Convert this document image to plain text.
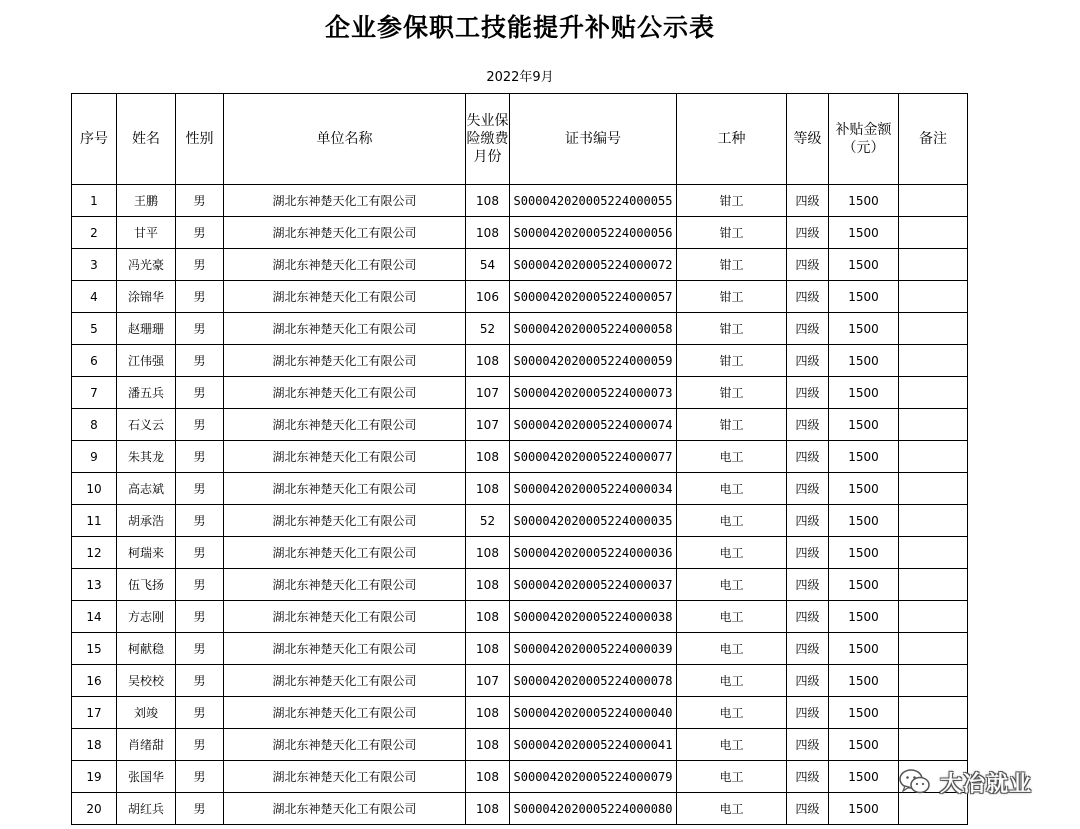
企业参保职工技能提升补贴公示表
2022年9月
序号	姓名	性别	单位名称	失业保险缴费月份	证书编号	工种	等级	补贴金额（元）	备注
1	王鹏	男	湖北东神楚天化工有限公司	108	S000042020005224000055	钳工	四级	1500	
2	甘平	男	湖北东神楚天化工有限公司	108	S000042020005224000056	钳工	四级	1500	
3	冯光豪	男	湖北东神楚天化工有限公司	54	S000042020005224000072	钳工	四级	1500	
4	涂锦华	男	湖北东神楚天化工有限公司	106	S000042020005224000057	钳工	四级	1500	
5	赵珊珊	男	湖北东神楚天化工有限公司	52	S000042020005224000058	钳工	四级	1500	
6	江伟强	男	湖北东神楚天化工有限公司	108	S000042020005224000059	钳工	四级	1500	
7	潘五兵	男	湖北东神楚天化工有限公司	107	S000042020005224000073	钳工	四级	1500	
8	石义云	男	湖北东神楚天化工有限公司	107	S000042020005224000074	钳工	四级	1500	
9	朱其龙	男	湖北东神楚天化工有限公司	108	S000042020005224000077	电工	四级	1500	
10	高志斌	男	湖北东神楚天化工有限公司	108	S000042020005224000034	电工	四级	1500	
11	胡承浩	男	湖北东神楚天化工有限公司	52	S000042020005224000035	电工	四级	1500	
12	柯瑞来	男	湖北东神楚天化工有限公司	108	S000042020005224000036	电工	四级	1500	
13	伍飞扬	男	湖北东神楚天化工有限公司	108	S000042020005224000037	电工	四级	1500	
14	方志刚	男	湖北东神楚天化工有限公司	108	S000042020005224000038	电工	四级	1500	
15	柯献稳	男	湖北东神楚天化工有限公司	108	S000042020005224000039	电工	四级	1500	
16	吴校校	男	湖北东神楚天化工有限公司	107	S000042020005224000078	电工	四级	1500	
17	刘竣	男	湖北东神楚天化工有限公司	108	S000042020005224000040	电工	四级	1500	
18	肖绪甜	男	湖北东神楚天化工有限公司	108	S000042020005224000041	电工	四级	1500	
19	张国华	男	湖北东神楚天化工有限公司	108	S000042020005224000079	电工	四级	1500	
20	胡红兵	男	湖北东神楚天化工有限公司	108	S000042020005224000080	电工	四级	1500	
大冶就业
